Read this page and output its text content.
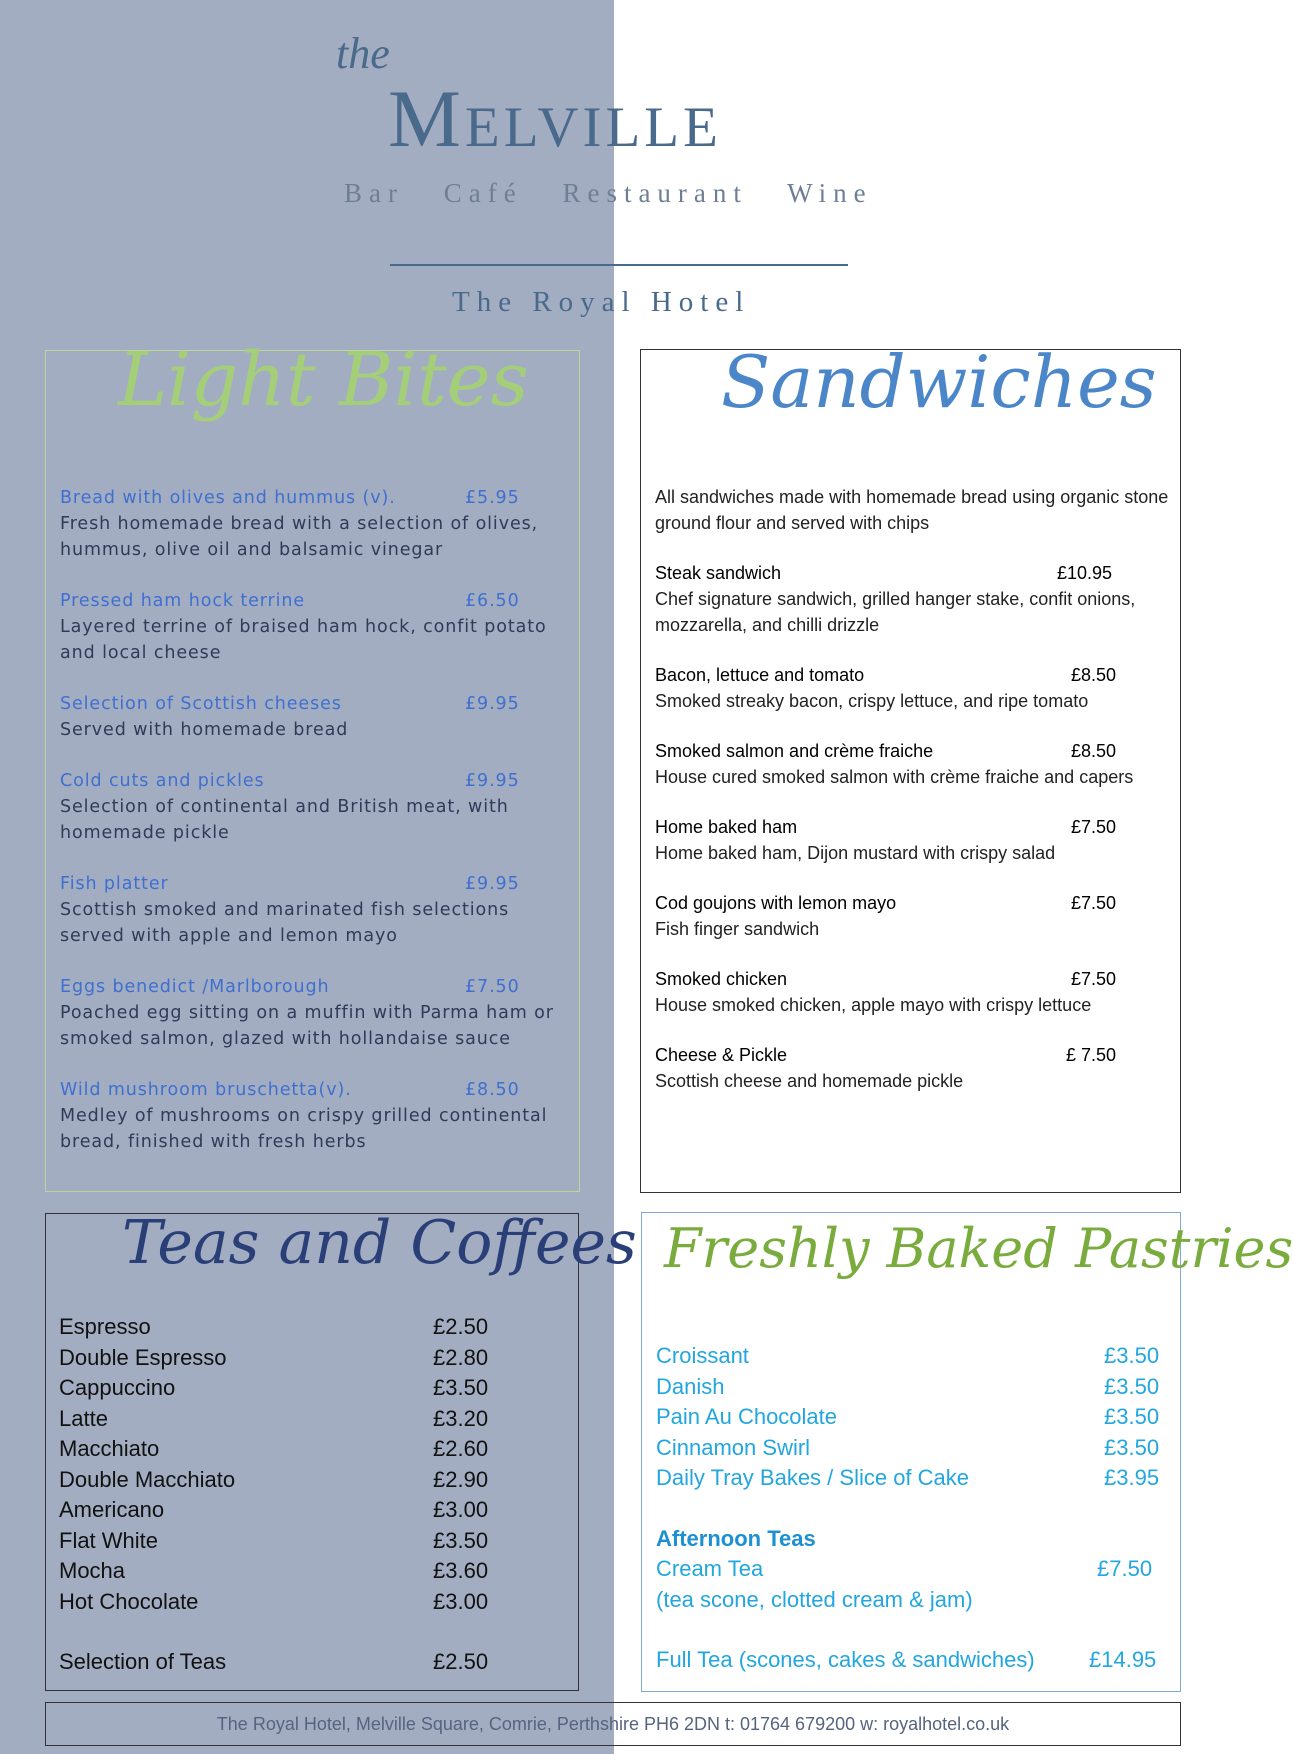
the
Melville
Bar Café Restaurant Wine
The Royal Hotel
Light Bites
Bread with olives and hummus (v).	£5.95
Fresh homemade bread with a selection of olives, hummus, olive oil and balsamic vinegar
Pressed ham hock terrine	£6.50
Layered terrine of braised ham hock, confit potato and local cheese
Selection of Scottish cheeses	£9.95
Served with homemade bread
Cold cuts and pickles	£9.95
Selection of continental and British meat, with homemade pickle
Fish platter	£9.95
Scottish smoked and marinated fish selections served with apple and lemon mayo
Eggs benedict /Marlborough	£7.50
Poached egg sitting on a muffin with Parma ham or smoked salmon, glazed with hollandaise sauce
Wild mushroom bruschetta(v).	£8.50
Medley of mushrooms on crispy grilled continental bread, finished with fresh herbs
Sandwiches
All sandwiches made with homemade bread using organic stone ground flour and served with chips
Steak sandwich	£10.95
Chef signature sandwich, grilled hanger stake, confit onions, mozzarella, and chilli drizzle
Bacon, lettuce and tomato	£8.50
Smoked streaky bacon, crispy lettuce, and ripe tomato
Smoked salmon and crème fraiche	£8.50
House cured smoked salmon with crème fraiche and capers
Home baked ham	£7.50
Home baked ham, Dijon mustard with crispy salad
Cod goujons with lemon mayo	£7.50
Fish finger sandwich
Smoked chicken	£7.50
House smoked chicken, apple mayo with crispy lettuce
Cheese & Pickle	£ 7.50
Scottish cheese and homemade pickle
Teas and Coffees
Espresso	£2.50
Double Espresso	£2.80
Cappuccino	£3.50
Latte	£3.20
Macchiato	£2.60
Double Macchiato	£2.90
Americano	£3.00
Flat White	£3.50
Mocha	£3.60
Hot Chocolate	£3.00
Selection of Teas	£2.50
Freshly Baked Pastries
Croissant	£3.50
Danish	£3.50
Pain Au Chocolate	£3.50
Cinnamon Swirl	£3.50
Daily Tray Bakes / Slice of Cake	£3.95
Afternoon Teas
Cream Tea	£7.50
(tea scone, clotted cream & jam)
Full Tea (scones, cakes & sandwiches)	£14.95
The Royal Hotel, Melville Square, Comrie, Perthshire PH6 2DN t: 01764 679200 w: royalhotel.co.uk
